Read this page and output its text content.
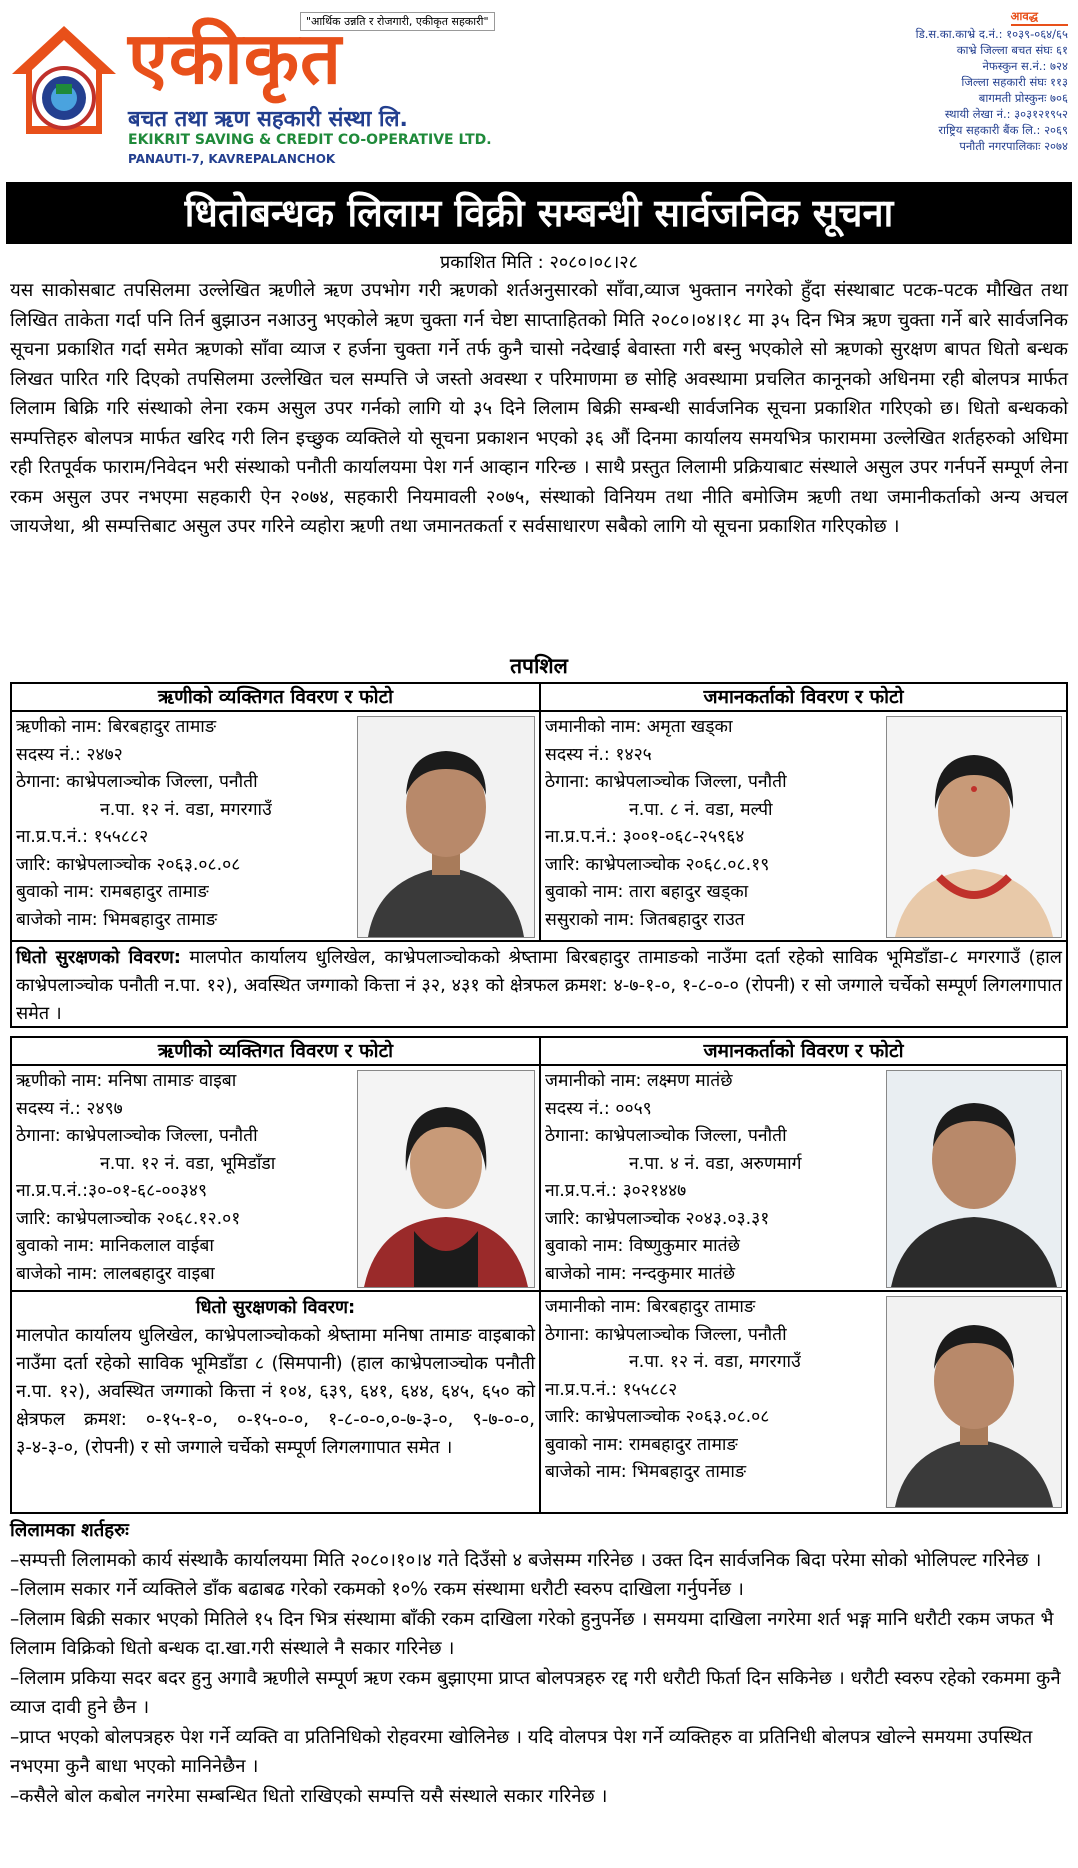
"आर्थिक उन्नति र रोजगारी, एकीकृत सहकारी"
एकीकृत
बचत तथा ऋण सहकारी संस्था लि.
EKIKRIT SAVING & CREDIT CO-OPERATIVE LTD.
PANAUTI-7, KAVREPALANCHOK
आवद्ध
डि.स.का.काभ्रे द.नं.: १०३९-०६४/६५
काभ्रे जिल्ला बचत संघः ६१
नेफस्कुन स.नं.: ७२४
जिल्ला सहकारी संघः ११३
बागमती प्रोस्कुनः ७०६
स्थायी लेखा नं.: ३०३१२१९५२
राष्ट्रिय सहकारी बैंक लि.: २०६९
पनौती नगरपालिकाः २०७४
धितोबन्धक लिलाम विक्री सम्बन्धी सार्वजनिक सूचना
प्रकाशित मिति : २०८०।०८।२८
यस साकोसबाट तपसिलमा उल्लेखित ऋणीले ऋण उपभोग गरी ऋणको शर्तअनुसारको साँवा,व्याज भुक्तान नगरेको हुँदा संस्थाबाट पटक-पटक मौखित तथा लिखित ताकेता गर्दा पनि तिर्न बुझाउन नआउनु भएकोले ऋण चुक्ता गर्न चेष्टा साप्ताहितको मिति २०८०।०४।१८ मा ३५ दिन भित्र ऋण चुक्ता गर्ने बारे सार्वजनिक सूचना प्रकाशित गर्दा समेत ऋणको साँवा व्याज र हर्जना चुक्ता गर्ने तर्फ कुनै चासो नदेखाई बेवास्ता गरी बस्नु भएकोले सो ऋणको सुरक्षण बापत धितो बन्धक लिखत पारित गरि दिएको तपसिलमा उल्लेखित चल सम्पत्ति जे जस्तो अवस्था र परिमाणमा छ सोहि अवस्थामा प्रचलित कानूनको अधिनमा रही बोलपत्र मार्फत लिलाम बिक्रि गरि संस्थाको लेना रकम असुल उपर गर्नको लागि यो ३५ दिने लिलाम बिक्री सम्बन्धी सार्वजनिक सूचना प्रकाशित गरिएको छ। धितो बन्धकको सम्पत्तिहरु बोलपत्र मार्फत खरिद गरी लिन इच्छुक व्यक्तिले यो सूचना प्रकाशन भएको ३६ औं दिनमा कार्यालय समयभित्र फाराममा उल्लेखित शर्तहरुको अधिमा रही रितपूर्वक फाराम/निवेदन भरी संस्थाको पनौती कार्यालयमा पेश गर्न आव्हान गरिन्छ । साथै प्रस्तुत लिलामी प्रक्रियाबाट संस्थाले असुल उपर गर्नपर्ने सम्पूर्ण लेना रकम असुल उपर नभएमा सहकारी ऐन २०७४, सहकारी नियमावली २०७५, संस्थाको विनियम तथा नीति बमोजिम ऋणी तथा जमानीकर्ताको अन्य अचल जायजेथा, श्री सम्पत्तिबाट असुल उपर गरिने व्यहोरा ऋणी तथा जमानतकर्ता र सर्वसाधारण सबैको लागि यो सूचना प्रकाशित गरिएकोछ ।
तपशिल
ऋणीको व्यक्तिगत विवरण र फोटो	जमानकर्ताको विवरण र फोटो
ऋणीको नाम: बिरबहादुर तामाङ
सदस्य नं.: २४७२
ठेगाना: काभ्रेपलाञ्चोक जिल्ला, पनौती
न.पा. १२ नं. वडा, मगरगाउँ
ना.प्र.प.नं.: १५५८८२
जारि: काभ्रेपलाञ्चोक २०६३.०८.०८
बुवाको नाम: रामबहादुर तामाङ
बाजेको नाम: भिमबहादुर तामाङ
जमानीको नाम: अमृता खड्का
सदस्य नं.: १४२५
ठेगाना: काभ्रेपलाञ्चोक जिल्ला, पनौती
न.पा. ८ नं. वडा, मल्पी
ना.प्र.प.नं.: ३००१-०६८-२५९६४
जारि: काभ्रेपलाञ्चोक २०६८.०८.१९
बुवाको नाम: तारा बहादुर खड्का
ससुराको नाम: जितबहादुर राउत
धितो सुरक्षणको विवरण: मालपोत कार्यालय धुलिखेल, काभ्रेपलाञ्चोकको श्रेष्तामा बिरबहादुर तामाङको नाउँमा दर्ता रहेको साविक भूमिडाँडा-८ मगरगाउँ (हाल काभ्रेपलाञ्चोक पनौती न.पा. १२), अवस्थित जग्गाको कित्ता नं ३२, ४३१ को क्षेत्रफल क्रमश: ४-७-१-०, १-८-०-० (रोपनी) र सो जग्गाले चर्चेको सम्पूर्ण लिगलगापात समेत ।
ऋणीको व्यक्तिगत विवरण र फोटो	जमानकर्ताको विवरण र फोटो
ऋणीको नाम: मनिषा तामाङ वाइबा
सदस्य नं.: २४९७
ठेगाना: काभ्रेपलाञ्चोक जिल्ला, पनौती
न.पा. १२ नं. वडा, भूमिडाँडा
ना.प्र.प.नं.:३०-०१-६८-००३४९
जारि: काभ्रेपलाञ्चोक २०६८.१२.०१
बुवाको नाम: मानिकलाल वाईबा
बाजेको नाम: लालबहादुर वाइबा
जमानीको नाम: लक्ष्मण मातंछे
सदस्य नं.: ००५९
ठेगाना: काभ्रेपलाञ्चोक जिल्ला, पनौती
न.पा. ४ नं. वडा, अरुणमार्ग
ना.प्र.प.नं.: ३०२१४४७
जारि: काभ्रेपलाञ्चोक २०४३.०३.३१
बुवाको नाम: विष्णुकुमार मातंछे
बाजेको नाम: नन्दकुमार मातंछे
धितो सुरक्षणको विवरण:
मालपोत कार्यालय धुलिखेल, काभ्रेपलाञ्चोकको श्रेष्तामा मनिषा तामाङ वाइबाको नाउँमा दर्ता रहेको साविक भूमिडाँडा ८ (सिमपानी) (हाल काभ्रेपलाञ्चोक पनौती न.पा. १२), अवस्थित जग्गाको कित्ता नं १०४, ६३९, ६४१, ६४४, ६४५, ६५० को क्षेत्रफल क्रमश: ०-१५-१-०, ०-१५-०-०, १-८-०-०,०-७-३-०, ९-७-०-०, ३-४-३-०, (रोपनी) र सो जग्गाले चर्चेको सम्पूर्ण लिगलगापात समेत ।
जमानीको नाम: बिरबहादुर तामाङ
ठेगाना: काभ्रेपलाञ्चोक जिल्ला, पनौती
न.पा. १२ नं. वडा, मगरगाउँ
ना.प्र.प.नं.: १५५८८२
जारि: काभ्रेपलाञ्चोक २०६३.०८.०८
बुवाको नाम: रामबहादुर तामाङ
बाजेको नाम: भिमबहादुर तामाङ
लिलामका शर्तहरुः
–सम्पत्ती लिलामको कार्य संस्थाकै कार्यालयमा मिति २०८०।१०।४ गते दिउँसो ४ बजेसम्म गरिनेछ । उक्त दिन सार्वजनिक बिदा परेमा सोको भोलिपल्ट गरिनेछ ।
–लिलाम सकार गर्ने व्यक्तिले डाँक बढाबढ गरेको रकमको १०% रकम संस्थामा धरौटी स्वरुप दाखिला गर्नुपर्नेछ ।
–लिलाम बिक्री सकार भएको मितिले १५ दिन भित्र संस्थामा बाँकी रकम दाखिला गरेको हुनुपर्नेछ । समयमा दाखिला नगरेमा शर्त भङ्ग मानि धरौटी रकम जफत भै लिलाम विक्रिको धितो बन्धक दा.खा.गरी संस्थाले नै सकार गरिनेछ ।
–लिलाम प्रकिया सदर बदर हुनु अगावै ऋणीले सम्पूर्ण ऋण रकम बुझाएमा प्राप्त बोलपत्रहरु रद्द गरी धरौटी फिर्ता दिन सकिनेछ । धरौटी स्वरुप रहेको रकममा कुनै व्याज दावी हुने छैन ।
–प्राप्त भएको बोलपत्रहरु पेश गर्ने व्यक्ति वा प्रतिनिधिको रोहवरमा खोलिनेछ । यदि वोलपत्र पेश गर्ने व्यक्तिहरु वा प्रतिनिधी बोलपत्र खोल्ने समयमा उपस्थित नभएमा कुनै बाधा भएको मानिनेछैन ।
–कसैले बोल कबोल नगरेमा सम्बन्धित धितो राखिएको सम्पत्ति यसै संस्थाले सकार गरिनेछ ।
